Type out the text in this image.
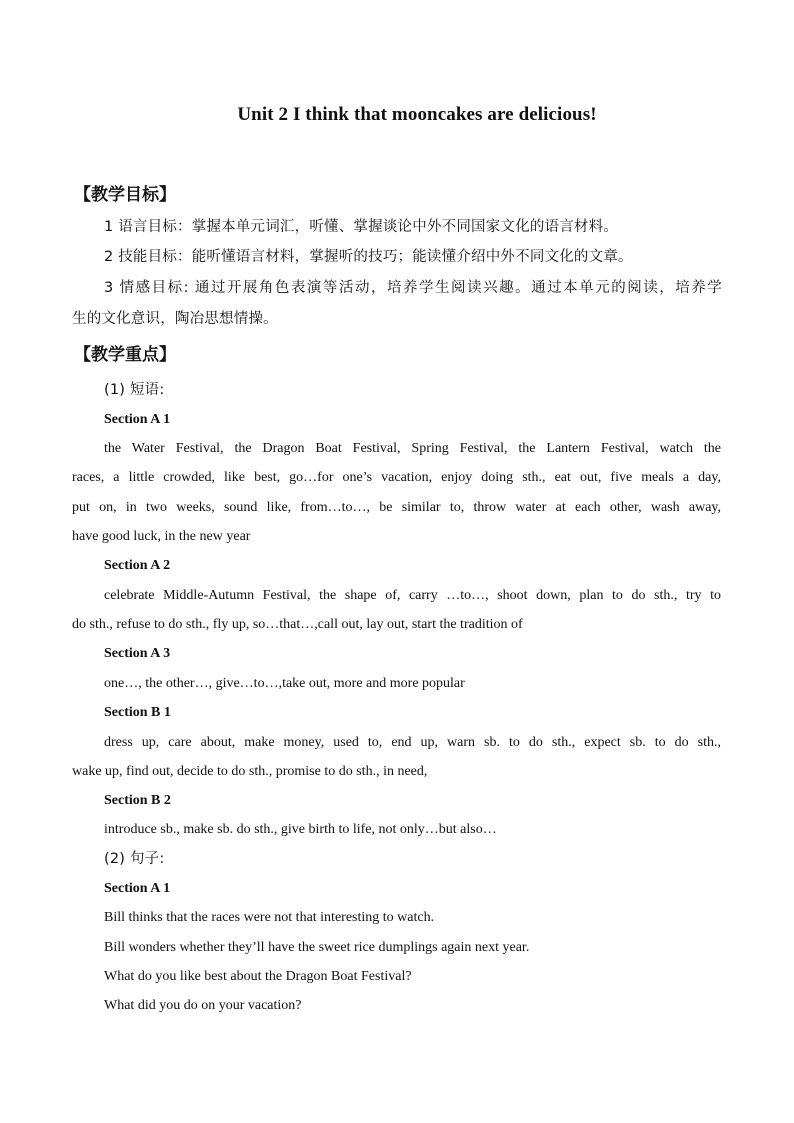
Unit 2 I think that mooncakes are delicious!
【教学目标】
1 语言目标：掌握本单元词汇，听懂、掌握谈论中外不同国家文化的语言材料。
2 技能目标：能听懂语言材料，掌握听的技巧；能读懂介绍中外不同文化的文章。
3 情感目标: 通过开展角色表演等活动，培养学生阅读兴趣。通过本单元的阅读，培养学
生的文化意识，陶冶思想情操。
【教学重点】
(1) 短语:
Section A 1
the Water Festival, the Dragon Boat Festival, Spring Festival, the Lantern Festival, watch the
races, a little crowded, like best, go…for one’s vacation, enjoy doing sth., eat out, five meals a day,
put on, in two weeks, sound like, from…to…, be similar to, throw water at each other, wash away,
have good luck, in the new year
Section A 2
celebrate Middle-Autumn Festival, the shape of, carry …to…, shoot down, plan to do sth., try to
do sth., refuse to do sth., fly up, so…that…,call out, lay out, start the tradition of
Section A 3
one…, the other…, give…to…,take out, more and more popular
Section B 1
dress up, care about, make money, used to, end up, warn sb. to do sth., expect sb. to do sth.,
wake up, find out, decide to do sth., promise to do sth., in need,
Section B 2
introduce sb., make sb. do sth., give birth to life, not only…but also…
(2) 句子:
Section A 1
Bill thinks that the races were not that interesting to watch.
Bill wonders whether they’ll have the sweet rice dumplings again next year.
What do you like best about the Dragon Boat Festival?
What did you do on your vacation?
